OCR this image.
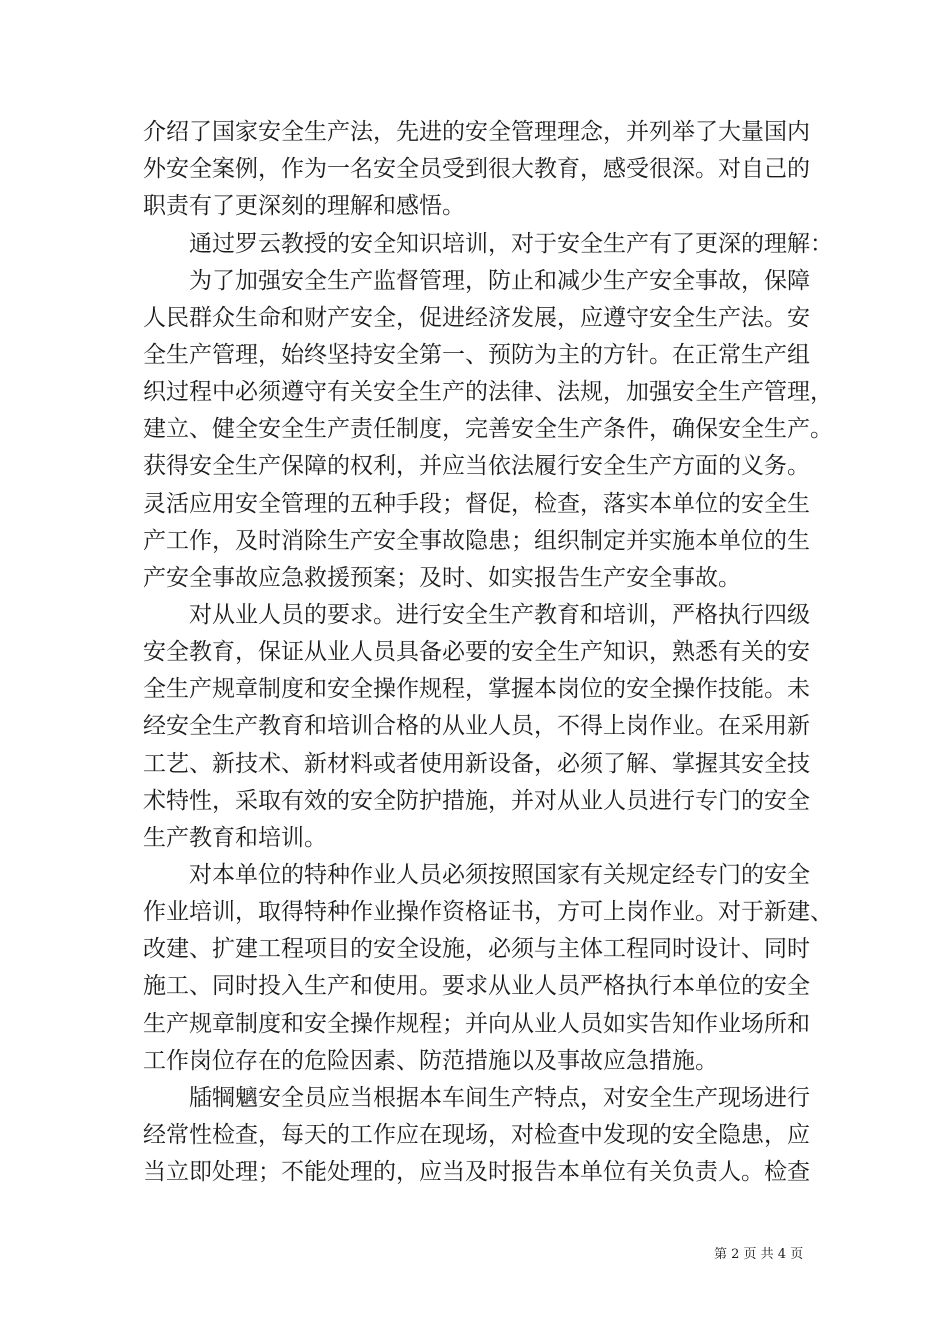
介绍了国家安全生产法，先进的安全管理理念，并列举了大量国内
外安全案例，作为一名安全员受到很大教育，感受很深。对自己的
职责有了更深刻的理解和感悟。
　　通过罗云教授的安全知识培训，对于安全生产有了更深的理解：
　　为了加强安全生产监督管理，防止和减少生产安全事故，保障
人民群众生命和财产安全，促进经济发展，应遵守安全生产法。安
全生产管理，始终坚持安全第一、预防为主的方针。在正常生产组
织过程中必须遵守有关安全生产的法律、法规，加强安全生产管理，
建立、健全安全生产责任制度，完善安全生产条件，确保安全生产。
获得安全生产保障的权利，并应当依法履行安全生产方面的义务。
灵活应用安全管理的五种手段；督促，检查，落实本单位的安全生
产工作，及时消除生产安全事故隐患；组织制定并实施本单位的生
产安全事故应急救援预案；及时、如实报告生产安全事故。
　　对从业人员的要求。进行安全生产教育和培训，严格执行四级
安全教育，保证从业人员具备必要的安全生产知识，熟悉有关的安
全生产规章制度和安全操作规程，掌握本岗位的安全操作技能。未
经安全生产教育和培训合格的从业人员，不得上岗作业。在采用新
工艺、新技术、新材料或者使用新设备，必须了解、掌握其安全技
术特性，采取有效的安全防护措施，并对从业人员进行专门的安全
生产教育和培训。
　　对本单位的特种作业人员必须按照国家有关规定经专门的安全
作业培训，取得特种作业操作资格证书，方可上岗作业。对于新建、
改建、扩建工程项目的安全设施，必须与主体工程同时设计、同时
施工、同时投入生产和使用。要求从业人员严格执行本单位的安全
生产规章制度和安全操作规程；并向从业人员如实告知作业场所和
工作岗位存在的危险因素、防范措施以及事故应急措施。
　　牐犅魑安全员应当根据本车间生产特点，对安全生产现场进行
经常性检查，每天的工作应在现场，对检查中发现的安全隐患，应
当立即处理；不能处理的，应当及时报告本单位有关负责人。检查
第 2 页 共 4 页
